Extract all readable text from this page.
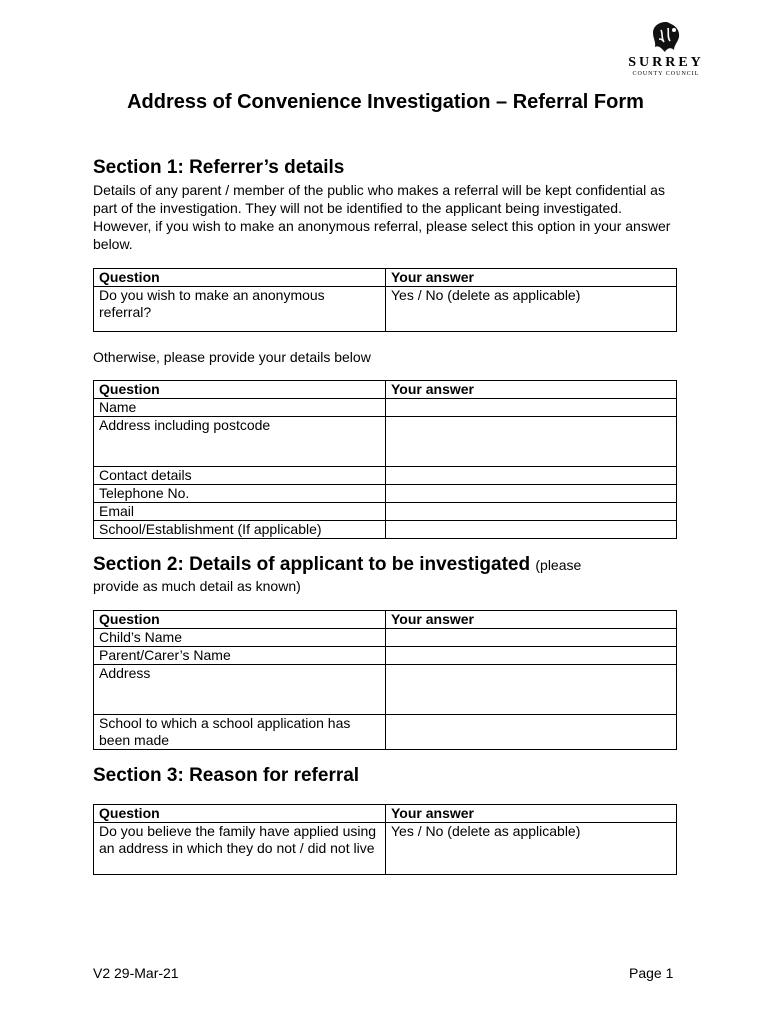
SURREY
COUNTY COUNCIL
Address of Convenience Investigation – Referral Form
Section 1: Referrer’s details

Details of any parent / member of the public who makes a referral will be kept confidential as part of the investigation. They will not be identified to the applicant being investigated. However, if you wish to make an anonymous referral, please select this option in your answer below.

Question	Your answer
Do you wish to make an anonymous referral?	Yes / No (delete as applicable)

Otherwise, please provide your details below

Question	Your answer
Name	
Address including postcode	

Contact details
Telephone No.
Email
School/Establishment (If applicable)	

Section 2: Details of applicant to be investigated (please

provide as much detail as known)

Question	Your answer
Child’s Name	
Parent/Carer’s Name	
Address	
School to which a school application has been made	
Section 3: Reason for referral
Question	Your answer
Do you believe the family have applied using an address in which they do not / did not live	Yes / No (delete as applicable)
V2 29-Mar-21	Page 1
